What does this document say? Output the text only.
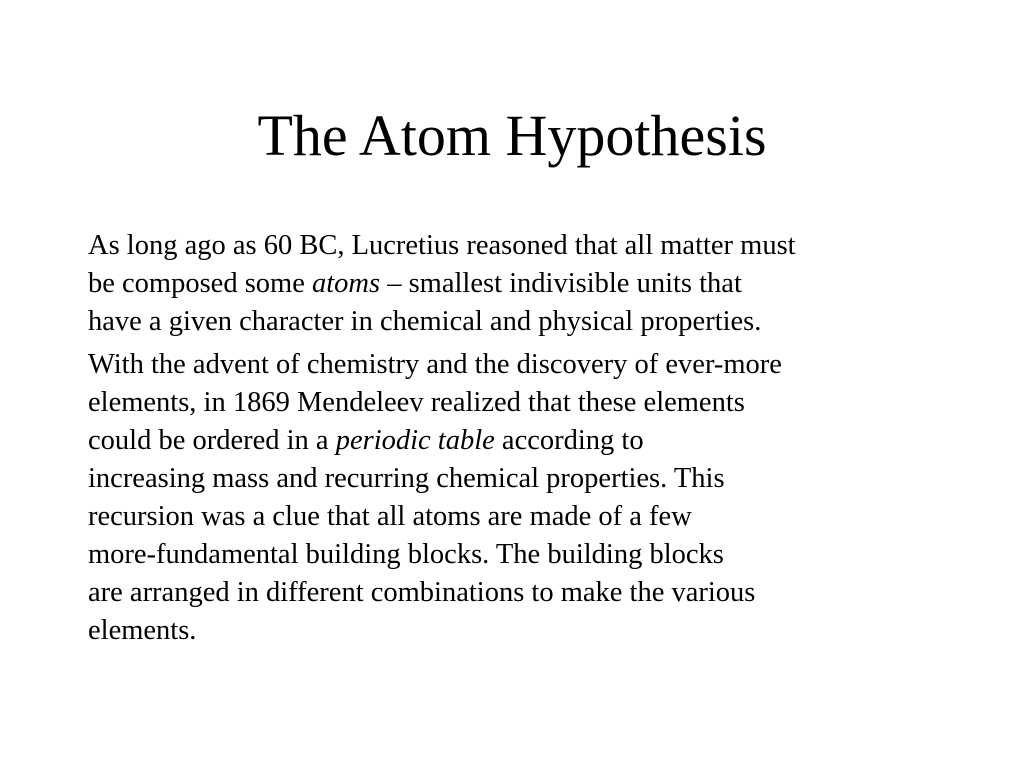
The Atom Hypothesis
As long ago as 60 BC, Lucretius reasoned that all matter must
be composed some atoms – smallest indivisible units that
have a given character in chemical and physical properties.
With the advent of chemistry and the discovery of ever-more
elements, in 1869 Mendeleev realized that these elements
could be ordered in a periodic table according to
increasing mass and recurring chemical properties. This
recursion was a clue that all atoms are made of a few
more-fundamental building blocks. The building blocks
are arranged in different combinations to make the various
elements.
